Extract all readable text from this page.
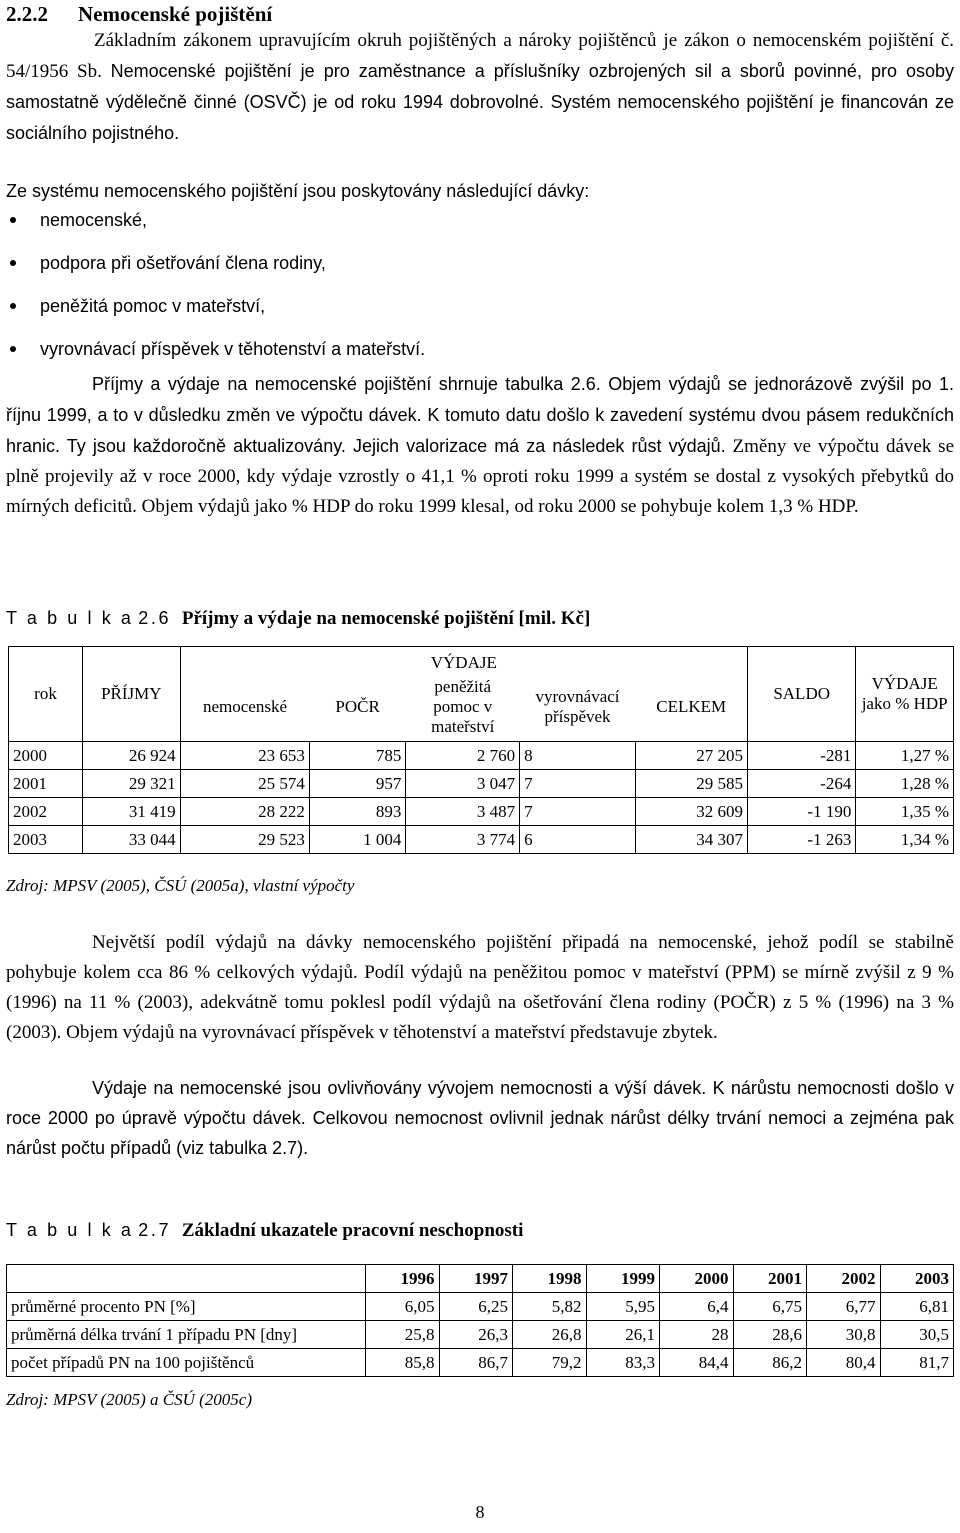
2.2.2 Nemocenské pojištění
Základním zákonem upravujícím okruh pojištěných a nároky pojištěnců je zákon o nemocenském pojištění č. 54/1956 Sb. Nemocenské pojištění je pro zaměstnance a příslušníky ozbrojených sil a sborů povinné, pro osoby samostatně výdělečně činné (OSVČ) je od roku 1994 dobrovolné. Systém nemocenského pojištění je financován ze sociálního pojistného.
Ze systému nemocenského pojištění jsou poskytovány následující dávky:
nemocenské,
podpora při ošetřování člena rodiny,
peněžitá pomoc v mateřství,
vyrovnávací příspěvek v těhotenství a mateřství.
Příjmy a výdaje na nemocenské pojištění shrnuje tabulka 2.6. Objem výdajů se jednorázově zvýšil po 1. říjnu 1999, a to v důsledku změn ve výpočtu dávek. K tomuto datu došlo k zavedení systému dvou pásem redukčních hranic. Ty jsou každoročně aktualizovány. Jejich valorizace má za následek růst výdajů. Změny ve výpočtu dávek se plně projevily až v roce 2000, kdy výdaje vzrostly o 41,1 % oproti roku 1999 a systém se dostal z vysokých přebytků do mírných deficitů. Objem výdajů jako % HDP do roku 1999 klesal, od roku 2000 se pohybuje kolem 1,3 % HDP.
T a b u l k a 2.6 Příjmy a výdaje na nemocenské pojištění [mil. Kč]
rok	PŘÍJMY	VÝDAJE					SALDO	VÝDAJE jako % HDP
		nemocenské	POČR	peněžitá pomoc v mateřství	vyrovnávací příspěvek	CELKEM		
2000	26 924	23 653	785	2 760	8	27 205	-281	1,27 %
2001	29 321	25 574	957	3 047	7	29 585	-264	1,28 %
2002	31 419	28 222	893	3 487	7	32 609	-1 190	1,35 %
2003	33 044	29 523	1 004	3 774	6	34 307	-1 263	1,34 %
Zdroj: MPSV (2005), ČSÚ (2005a), vlastní výpočty
Největší podíl výdajů na dávky nemocenského pojištění připadá na nemocenské, jehož podíl se stabilně pohybuje kolem cca 86 % celkových výdajů. Podíl výdajů na peněžitou pomoc v mateřství (PPM) se mírně zvýšil z 9 % (1996) na 11 % (2003), adekvátně tomu poklesl podíl výdajů na ošetřování člena rodiny (POČR) z 5 % (1996) na 3 % (2003). Objem výdajů na vyrovnávací příspěvek v těhotenství a mateřství představuje zbytek.
Výdaje na nemocenské jsou ovlivňovány vývojem nemocnosti a výší dávek. K nárůstu nemocnosti došlo v roce 2000 po úpravě výpočtu dávek. Celkovou nemocnost ovlivnil jednak nárůst délky trvání nemoci a zejména pak nárůst počtu případů (viz tabulka 2.7).
T a b u l k a 2.7 Základní ukazatele pracovní neschopnosti
	1996	1997	1998	1999	2000	2001	2002	2003
průměrné procento PN [%]	6,05	6,25	5,82	5,95	6,4	6,75	6,77	6,81
průměrná délka trvání 1 případu PN [dny]	25,8	26,3	26,8	26,1	28	28,6	30,8	30,5
počet případů PN na 100 pojištěnců	85,8	86,7	79,2	83,3	84,4	86,2	80,4	81,7
Zdroj: MPSV (2005) a ČSÚ (2005c)
8
